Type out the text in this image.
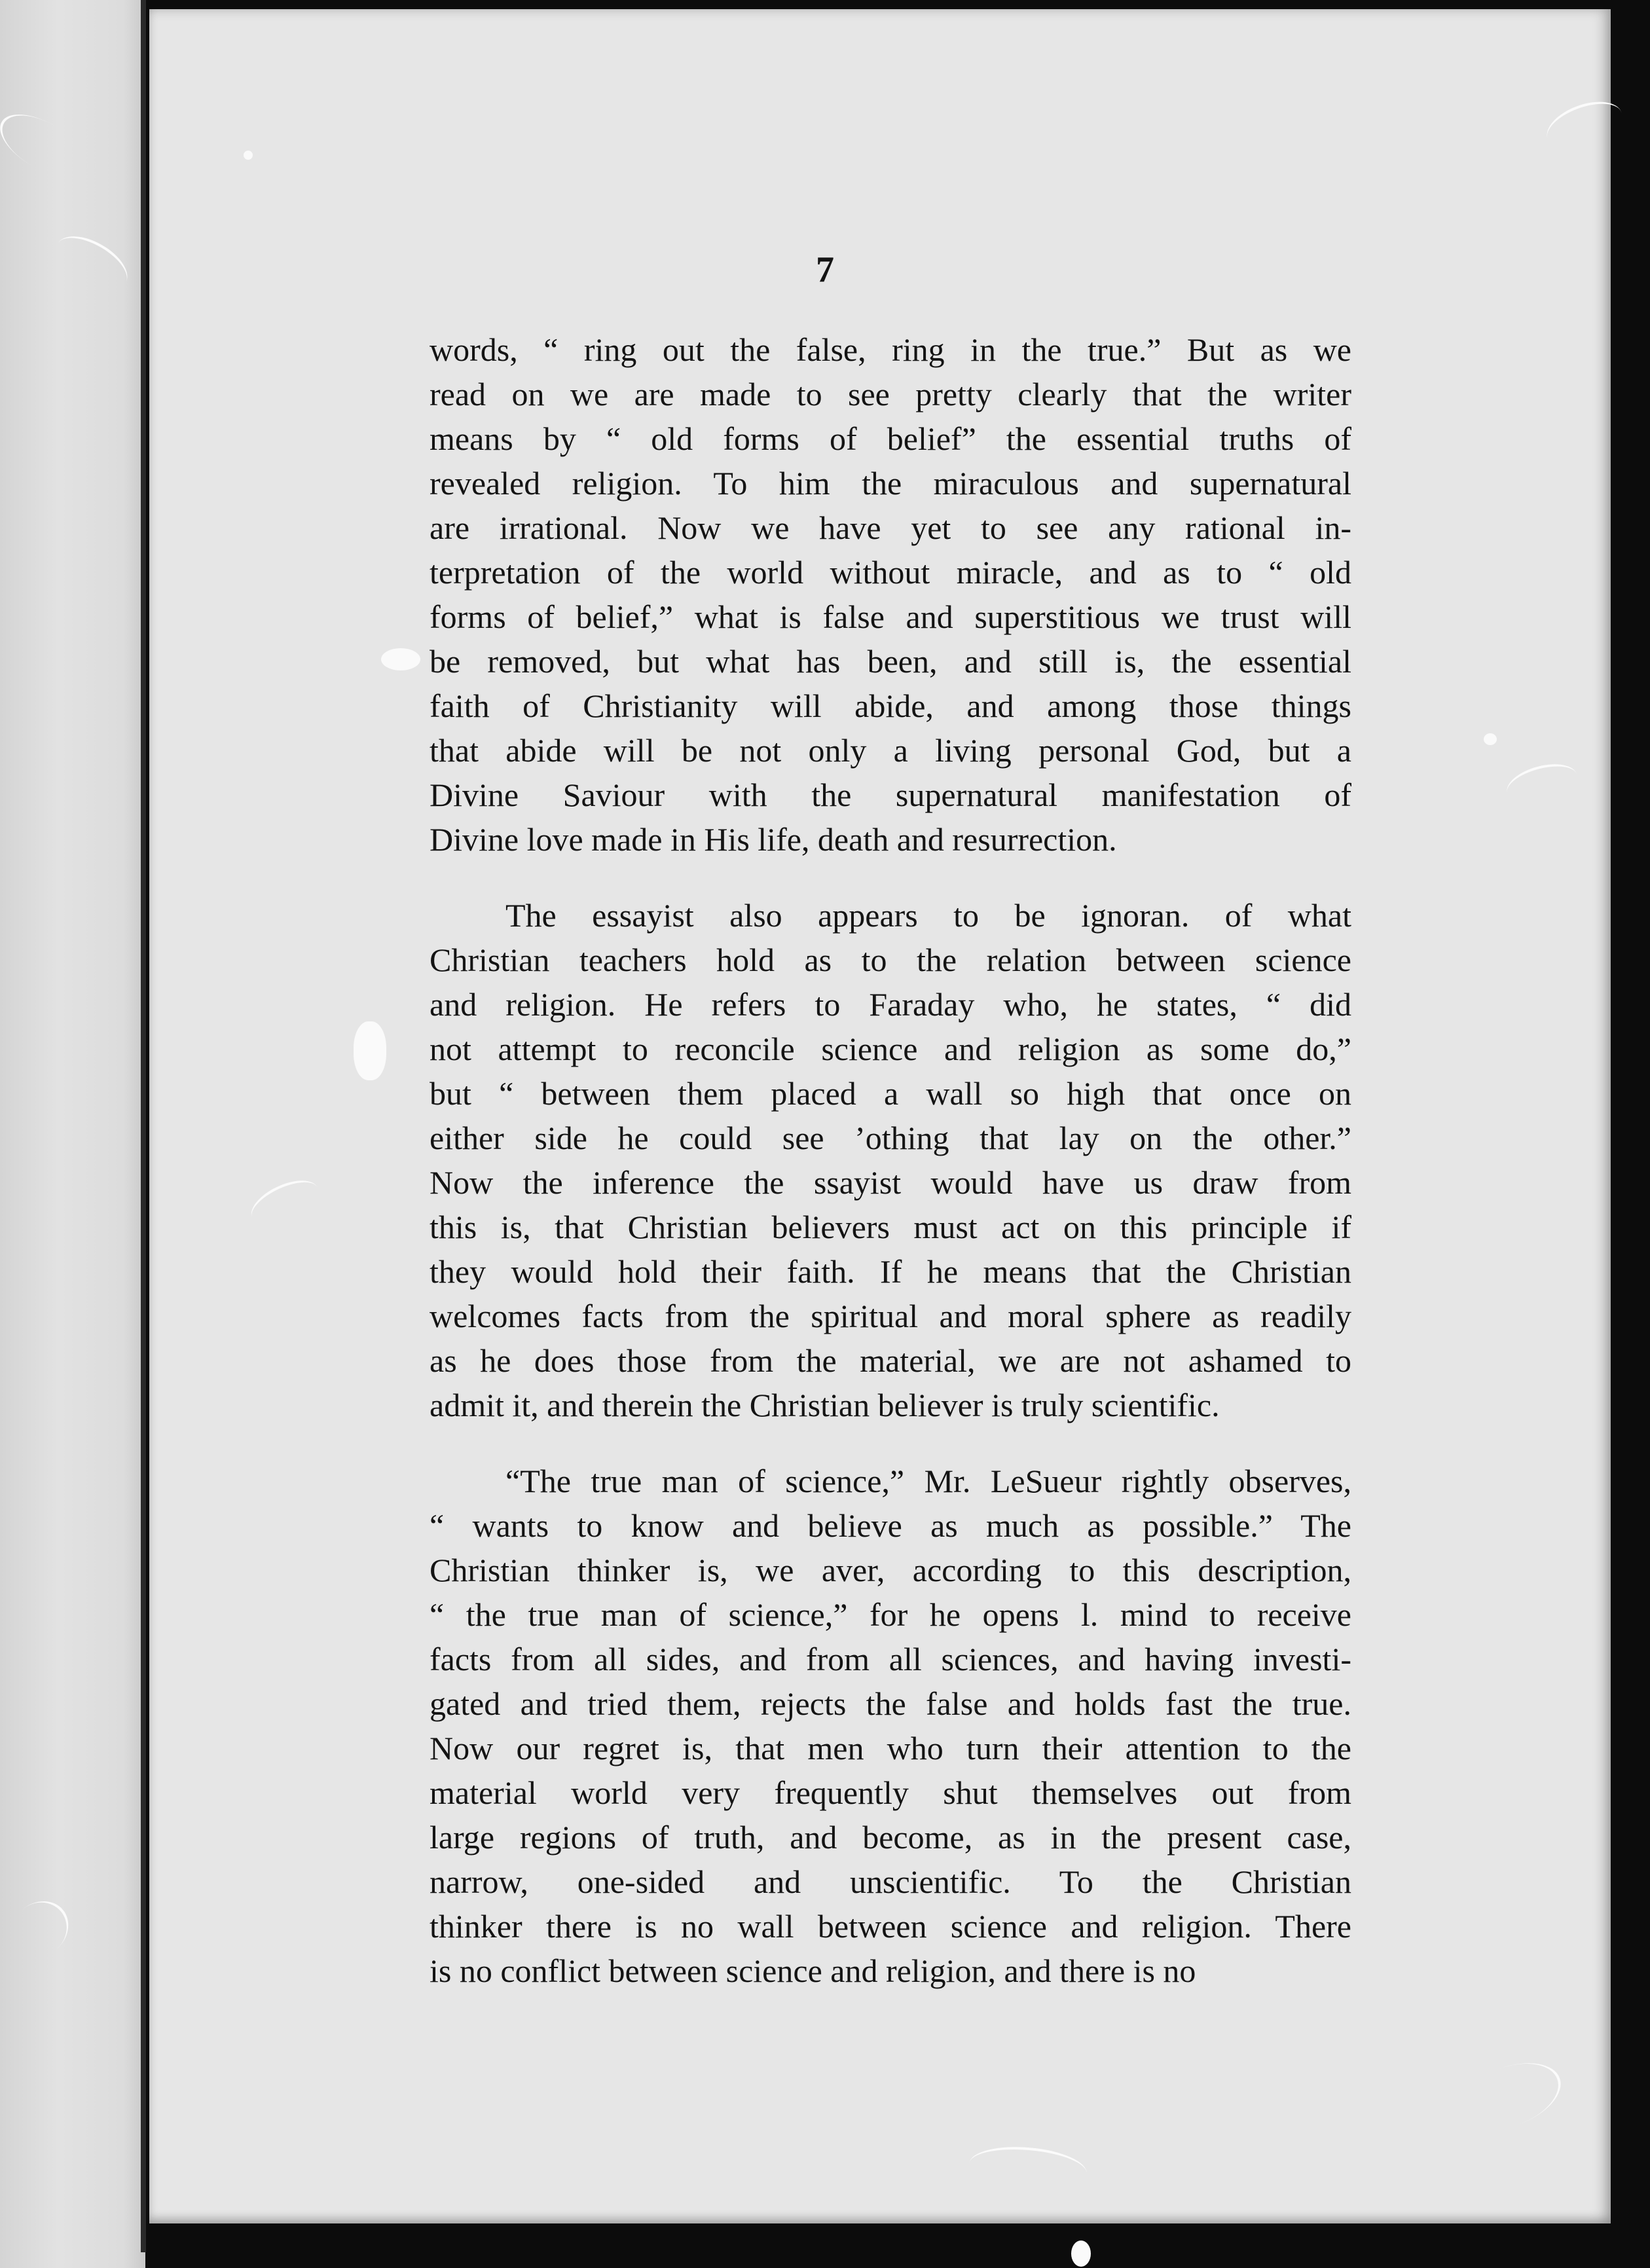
7
words, “ ring out the false, ring in the true.” But as we
read on we are made to see pretty clearly that the writer
means by “ old forms of belief” the essential truths of
revealed religion. To him the miraculous and supernatural
are irrational. Now we have yet to see any rational in-
terpretation of the world without miracle, and as to “ old
forms of belief,” what is false and superstitious we trust will
be removed, but what has been, and still is, the essential
faith of Christianity will abide, and among those things
that abide will be not only a living personal God, but a
Divine Saviour with the supernatural manifestation of
Divine love made in His life, death and resurrection.
The essayist also appears to be ignoran. of what
Christian teachers hold as to the relation between science
and religion. He refers to Faraday who, he states, “ did
not attempt to reconcile science and religion as some do,”
but “ between them placed a wall so high that once on
either side he could see ’othing that lay on the other.”
Now the inference the ssayist would have us draw from
this is, that Christian believers must act on this principle if
they would hold their faith. If he means that the Christian
welcomes facts from the spiritual and moral sphere as readily
as he does those from the material, we are not ashamed to
admit it, and therein the Christian believer is truly scientific.
“The true man of science,” Mr. LeSueur rightly observes,
“ wants to know and believe as much as possible.” The
Christian thinker is, we aver, according to this description,
“ the true man of science,” for he opens l. mind to receive
facts from all sides, and from all sciences, and having investi-
gated and tried them, rejects the false and holds fast the true.
Now our regret is, that men who turn their attention to the
material world very frequently shut themselves out from
large regions of truth, and become, as in the present case,
narrow, one-sided and unscientific. To the Christian
thinker there is no wall between science and religion. There
is no conflict between science and religion, and there is no
